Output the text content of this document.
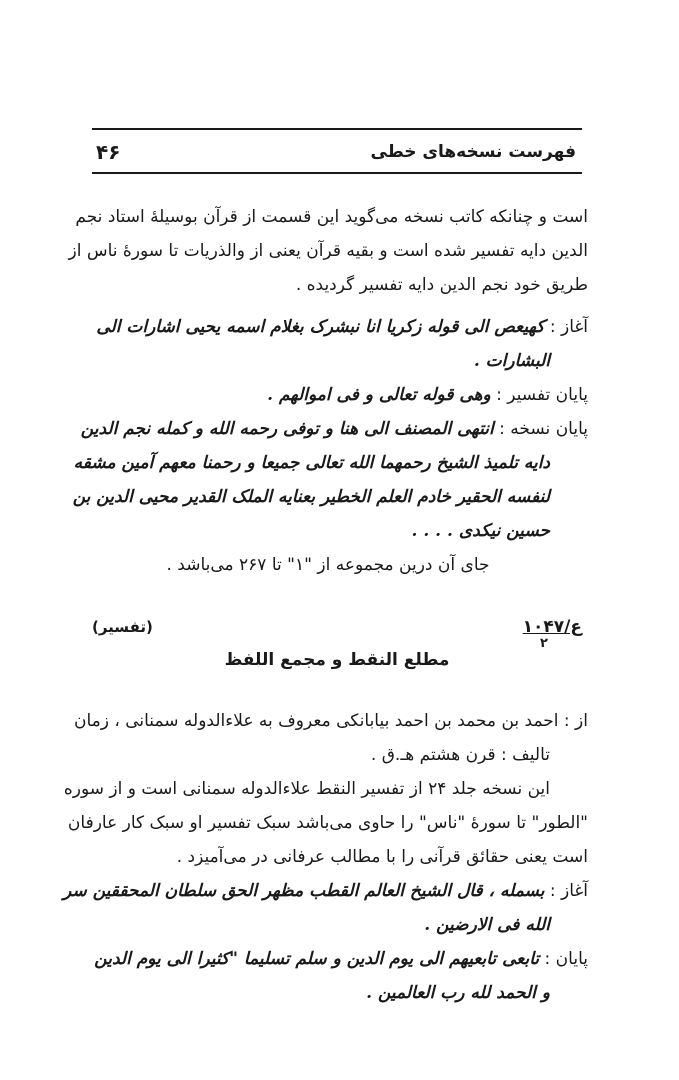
۴۶	فهرست نسخه‌های خطی
است و چنانکه کاتب نسخه می‌گوید این قسمت از قرآن بوسیلهٔ استاد نجم
الدین دایه تفسیر شده است و بقیه قرآن یعنی از والذریات تا سورهٔ ناس از
طریق خود نجم الدین دایه تفسیر گردیده .
آغاز : کهیعص الی قوله زکریا انا نبشرک بغلام اسمه یحیی اشارات الی
البشارات .
پایان تفسیر : وهی قوله تعالی و فی اموالهم .
پایان نسخه : انتهی المصنف الی هنا و توفی رحمه الله و کمله نجم الدین
دایه تلمیذ الشیخ رحمهما الله تعالی جمیعا و رحمنا معهم آمین مشقه
لنفسه الحقیر خادم العلم الخطیر بعنایه الملک القدیر محیی الدین بن
حسین نیکدی . . . .
جای آن درین مجموعه از "۱" تا ۲۶۷ می‌باشد .
(تفسیر)	ع/۱۰۴۷
۲
مطلع النقط و مجمع اللفظ
از : احمد بن محمد بن احمد بیابانکی معروف به علاءالدوله سمنانی ، زمان
تالیف : قرن هشتم هـ.ق .
این نسخه جلد ۲۴ از تفسیر النقط علاءالدوله سمنانی است و از سوره
"الطور" تا سورهٔ "ناس" را حاوی می‌باشد سبک تفسیر او سبک کار عارفان
است یعنی حقائق قرآنی را با مطالب عرفانی در می‌آمیزد .
آغاز : بسمله ، قال الشیخ العالم القطب مظهر الحق سلطان المحققین سر
الله فی الارضین .
پایان : تابعی تابعیهم الی یوم الدین و سلم تسلیما "کثیرا الی یوم الدین
و الحمد لله رب العالمین .
